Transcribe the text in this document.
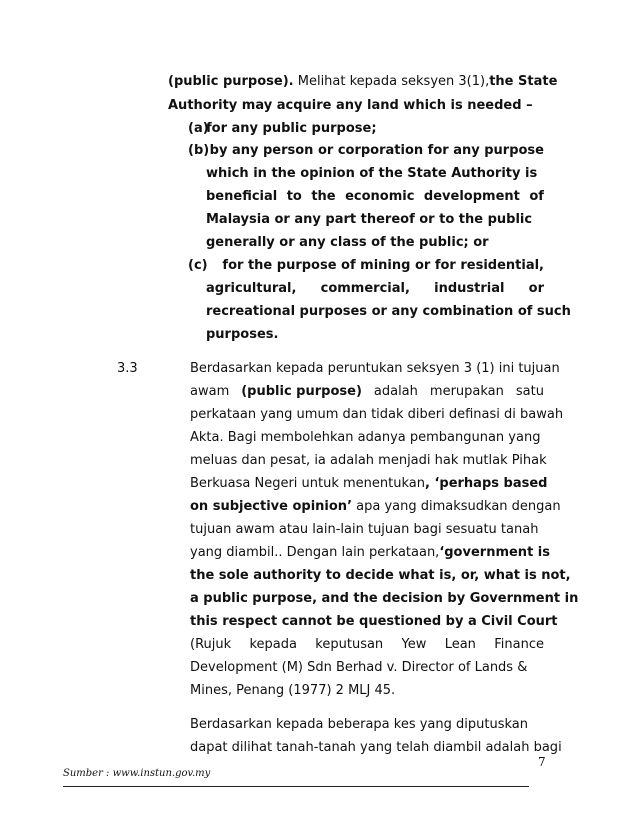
(public purpose). Melihat kepada seksyen 3(1), the State
Authority may acquire any land which is needed –
(a)for any public purpose;
(b) by any person or corporation for any purpose
which in the opinion of the State Authority is
beneficial to the economic development of
Malaysia or any part thereof or to the public
generally or any class of the public; or
(c) for the purpose of mining or for residential,
agricultural, commercial, industrial or
recreational purposes or any combination of such
purposes.
3.3	Berdasarkan kepada peruntukan seksyen 3 (1) ini tujuan
awam (public purpose) adalah merupakan satu
perkataan yang umum dan tidak diberi definasi di bawah
Akta. Bagi membolehkan adanya pembangunan yang
meluas dan pesat, ia adalah menjadi hak mutlak Pihak
Berkuasa Negeri untuk menentukan, ‘perhaps based
on subjective opinion’ apa yang dimaksudkan dengan
tujuan awam atau lain-lain tujuan bagi sesuatu tanah
yang diambil.. Dengan lain perkataan, ‘government is
the sole authority to decide what is, or, what is not,
a public purpose, and the decision by Government in
this respect cannot be questioned by a Civil Court
(Rujuk kepada keputusan Yew Lean Finance
Development (M) Sdn Berhad v. Director of Lands &
Mines, Penang (1977) 2 MLJ 45.
Berdasarkan kepada beberapa kes yang diputuskan
dapat dilihat tanah-tanah yang telah diambil adalah bagi
7
Sumber : www.instun.gov.my
